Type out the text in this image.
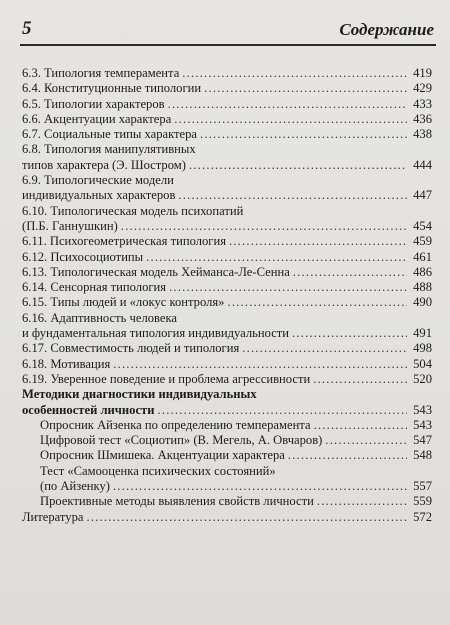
5	Содержание
6.3. Типология темперамента .....	419
6.4. Конституционные типологии .....	429
6.5. Типологии характеров .....	433
6.6. Акцентуации характера .....	436
6.7. Социальные типы характера .....	438
6.8. Типология манипулятивных
типов характера (Э. Шостром) .....	444
6.9. Типологические модели
индивидуальных характеров .....	447
6.10. Типологическая модель психопатий
(П.Б. Ганнушкин) .....	454
6.11. Психогеометрическая типология .....	459
6.12. Психосоциотипы .....	461
6.13. Типологическая модель Хейманса-Ле-Сенна .....	486
6.14. Сенсорная типология .....	488
6.15. Типы людей и «локус контроля» .....	490
6.16. Адаптивность человека
и фундаментальная типология индивидуальности .....	491
6.17. Совместимость людей и типология .....	498
6.18. Мотивация .....	504
6.19. Уверенное поведение и проблема агрессивности .....	520
Методики диагностики индивидуальных
особенностей личности .....	543
Опросник Айзенка по определению темперамента .....	543
Цифровой тест «Социотип» (В. Мегель, А. Овчаров) .....	547
Опросник Шмишека. Акцентуации характера .....	548
Тест «Самооценка психических состояний»
(по Айзенку) .....	557
Проективные методы выявления свойств личности .....	559
Литература .....	572
